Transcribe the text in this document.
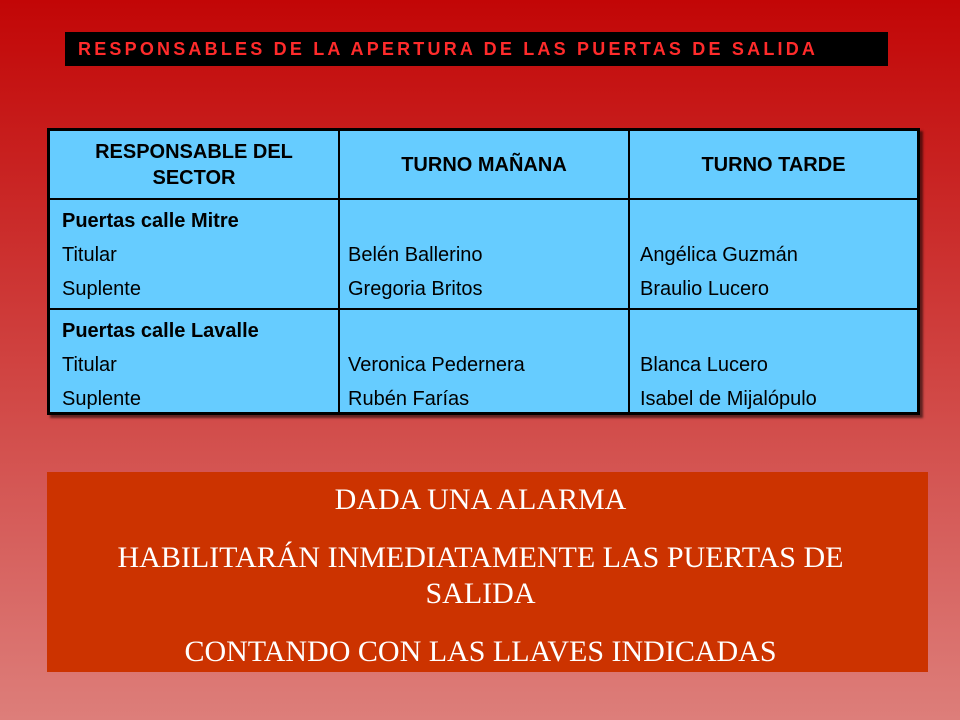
RESPONSABLES DE LA APERTURA DE LAS PUERTAS DE SALIDA
RESPONSABLE DEL SECTOR
TURNO MAÑANA	TURNO TARDE
Puertas calle Mitre
Titular
Suplente
Belén Ballerino
Gregoria Britos
Angélica Guzmán
Braulio Lucero
Puertas calle Lavalle
Titular
Suplente
Veronica Pedernera
Rubén Farías
Blanca Lucero
Isabel de Mijalópulo

DADA UNA ALARMA

HABILITARÁN INMEDIATAMENTE LAS PUERTAS DE SALIDA

CONTANDO CON LAS LLAVES INDICADAS
